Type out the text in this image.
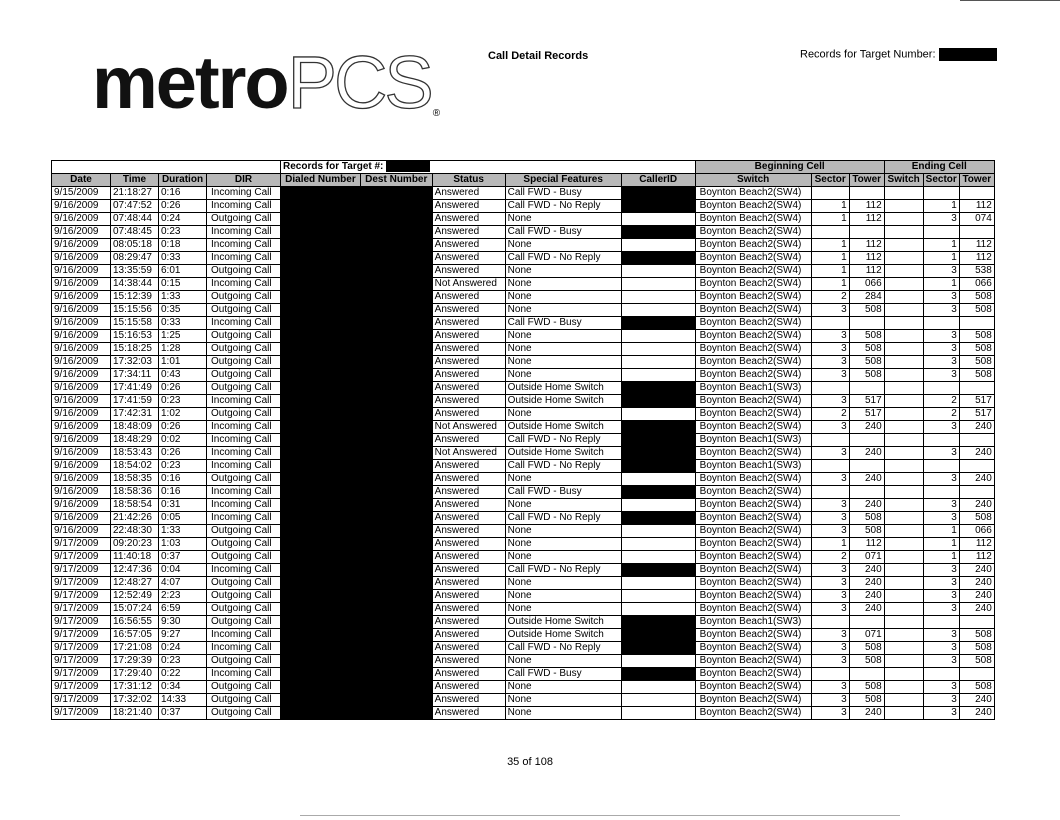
metroPCS ®
Call Detail Records	Records for Target Number:
				Records for Target #:					Beginning Cell			Ending Cell		
Date	Time	Duration	DIR	Dialed Number	Dest Number	Status	Special Features	CallerID	Switch	Sector	Tower	Switch	Sector	Tower
9/15/2009	21:18:27	0:16	Incoming Call			Answered	Call FWD - Busy		Boynton Beach2(SW4)					
9/16/2009	07:47:52	0:26	Incoming Call			Answered	Call FWD - No Reply		Boynton Beach2(SW4)	1	112		1	112
9/16/2009	07:48:44	0:24	Outgoing Call			Answered	None		Boynton Beach2(SW4)	1	112		3	074
9/16/2009	07:48:45	0:23	Incoming Call			Answered	Call FWD - Busy		Boynton Beach2(SW4)					
9/16/2009	08:05:18	0:18	Incoming Call			Answered	None		Boynton Beach2(SW4)	1	112		1	112
9/16/2009	08:29:47	0:33	Incoming Call			Answered	Call FWD - No Reply		Boynton Beach2(SW4)	1	112		1	112
9/16/2009	13:35:59	6:01	Outgoing Call			Answered	None		Boynton Beach2(SW4)	1	112		3	538
9/16/2009	14:38:44	0:15	Incoming Call			Not Answered	None		Boynton Beach2(SW4)	1	066		1	066
9/16/2009	15:12:39	1:33	Outgoing Call			Answered	None		Boynton Beach2(SW4)	2	284		3	508
9/16/2009	15:15:56	0:35	Outgoing Call			Answered	None		Boynton Beach2(SW4)	3	508		3	508
9/16/2009	15:15:58	0:33	Incoming Call			Answered	Call FWD - Busy		Boynton Beach2(SW4)					
9/16/2009	15:16:53	1:25	Outgoing Call			Answered	None		Boynton Beach2(SW4)	3	508		3	508
9/16/2009	15:18:25	1:28	Outgoing Call			Answered	None		Boynton Beach2(SW4)	3	508		3	508
9/16/2009	17:32:03	1:01	Outgoing Call			Answered	None		Boynton Beach2(SW4)	3	508		3	508
9/16/2009	17:34:11	0:43	Outgoing Call			Answered	None		Boynton Beach2(SW4)	3	508		3	508
9/16/2009	17:41:49	0:26	Outgoing Call			Answered	Outside Home Switch		Boynton Beach1(SW3)					
9/16/2009	17:41:59	0:23	Incoming Call			Answered	Outside Home Switch		Boynton Beach2(SW4)	3	517		2	517
9/16/2009	17:42:31	1:02	Outgoing Call			Answered	None		Boynton Beach2(SW4)	2	517		2	517
9/16/2009	18:48:09	0:26	Incoming Call			Not Answered	Outside Home Switch		Boynton Beach2(SW4)	3	240		3	240
9/16/2009	18:48:29	0:02	Incoming Call			Answered	Call FWD - No Reply		Boynton Beach1(SW3)					
9/16/2009	18:53:43	0:26	Incoming Call			Not Answered	Outside Home Switch		Boynton Beach2(SW4)	3	240		3	240
9/16/2009	18:54:02	0:23	Incoming Call			Answered	Call FWD - No Reply		Boynton Beach1(SW3)					
9/16/2009	18:58:35	0:16	Outgoing Call			Answered	None		Boynton Beach2(SW4)	3	240		3	240
9/16/2009	18:58:36	0:16	Incoming Call			Answered	Call FWD - Busy		Boynton Beach2(SW4)					
9/16/2009	18:58:54	0:31	Incoming Call			Answered	None		Boynton Beach2(SW4)	3	240		3	240
9/16/2009	21:42:26	0:05	Incoming Call			Answered	Call FWD - No Reply		Boynton Beach2(SW4)	3	508		3	508
9/16/2009	22:48:30	1:33	Outgoing Call			Answered	None		Boynton Beach2(SW4)	3	508		1	066
9/17/2009	09:20:23	1:03	Outgoing Call			Answered	None		Boynton Beach2(SW4)	1	112		1	112
9/17/2009	11:40:18	0:37	Outgoing Call			Answered	None		Boynton Beach2(SW4)	2	071		1	112
9/17/2009	12:47:36	0:04	Incoming Call			Answered	Call FWD - No Reply		Boynton Beach2(SW4)	3	240		3	240
9/17/2009	12:48:27	4:07	Outgoing Call			Answered	None		Boynton Beach2(SW4)	3	240		3	240
9/17/2009	12:52:49	2:23	Outgoing Call			Answered	None		Boynton Beach2(SW4)	3	240		3	240
9/17/2009	15:07:24	6:59	Outgoing Call			Answered	None		Boynton Beach2(SW4)	3	240		3	240
9/17/2009	16:56:55	9:30	Outgoing Call			Answered	Outside Home Switch		Boynton Beach1(SW3)					
9/17/2009	16:57:05	9:27	Incoming Call			Answered	Outside Home Switch		Boynton Beach2(SW4)	3	071		3	508
9/17/2009	17:21:08	0:24	Incoming Call			Answered	Call FWD - No Reply		Boynton Beach2(SW4)	3	508		3	508
9/17/2009	17:29:39	0:23	Outgoing Call			Answered	None		Boynton Beach2(SW4)	3	508		3	508
9/17/2009	17:29:40	0:22	Incoming Call			Answered	Call FWD - Busy		Boynton Beach2(SW4)					
9/17/2009	17:31:12	0:34	Outgoing Call			Answered	None		Boynton Beach2(SW4)	3	508		3	508
9/17/2009	17:32:02	14:33	Outgoing Call			Answered	None		Boynton Beach2(SW4)	3	508		3	240
9/17/2009	18:21:40	0:37	Outgoing Call			Answered	None		Boynton Beach2(SW4)	3	240		3	240
35 of 108
